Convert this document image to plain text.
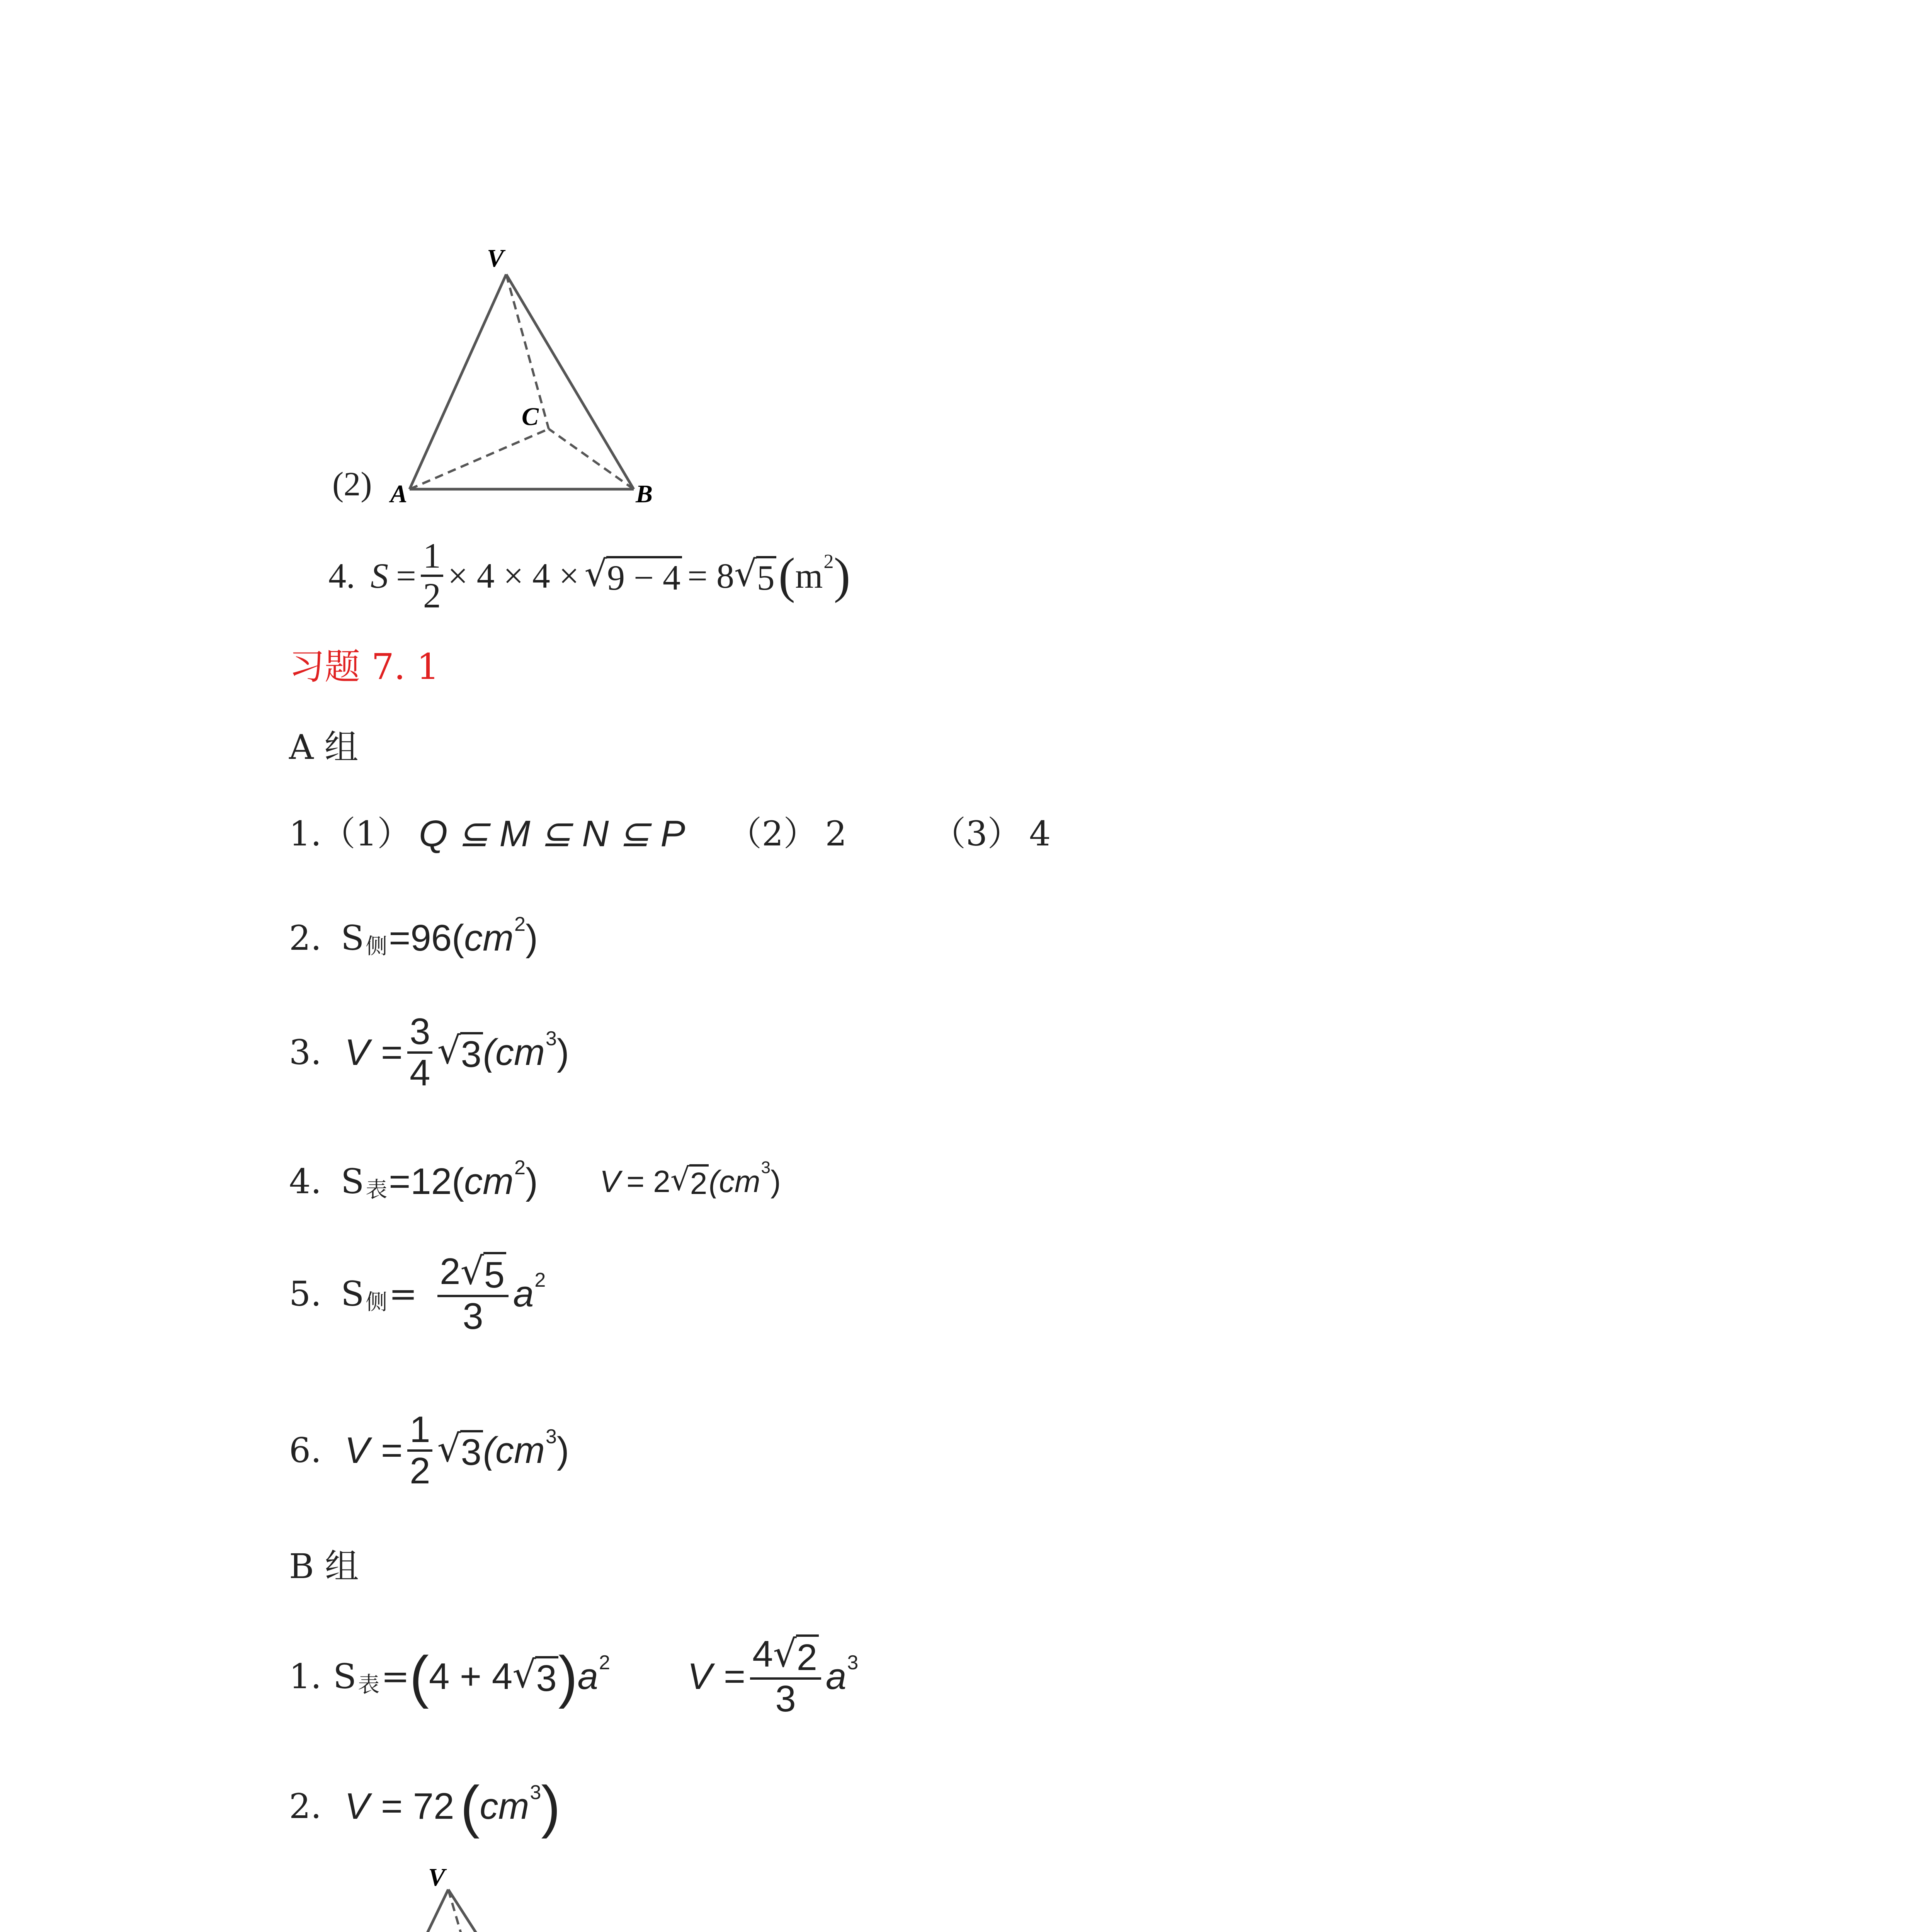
V
C
A	B
(2)
4. S =
1
2 × 4 × 4 × √ 9 − 4 = 8 √ 5 ( m 2 )
习题 7. 1
A 组
1. （1） Q ⊆ M ⊆ N ⊆ P （2） 2	（3） 4
2. S 侧 =96( cm 2 )
3. V =
3
4
√ 3 (cm 3 )
4. S 表 =12( cm 2 ) V = 2 √ 2 (cm 3 )
5. S 侧 =
2 √ 5
3
a 2
6. V =
1
2
√ 3 (cm 3 )
B 组
1. S 表 = ( 4 + 4 √ 3 ) a 2 V =
4 √ 2
3
a 3
2. V = 72 ( cm 3 )
V
